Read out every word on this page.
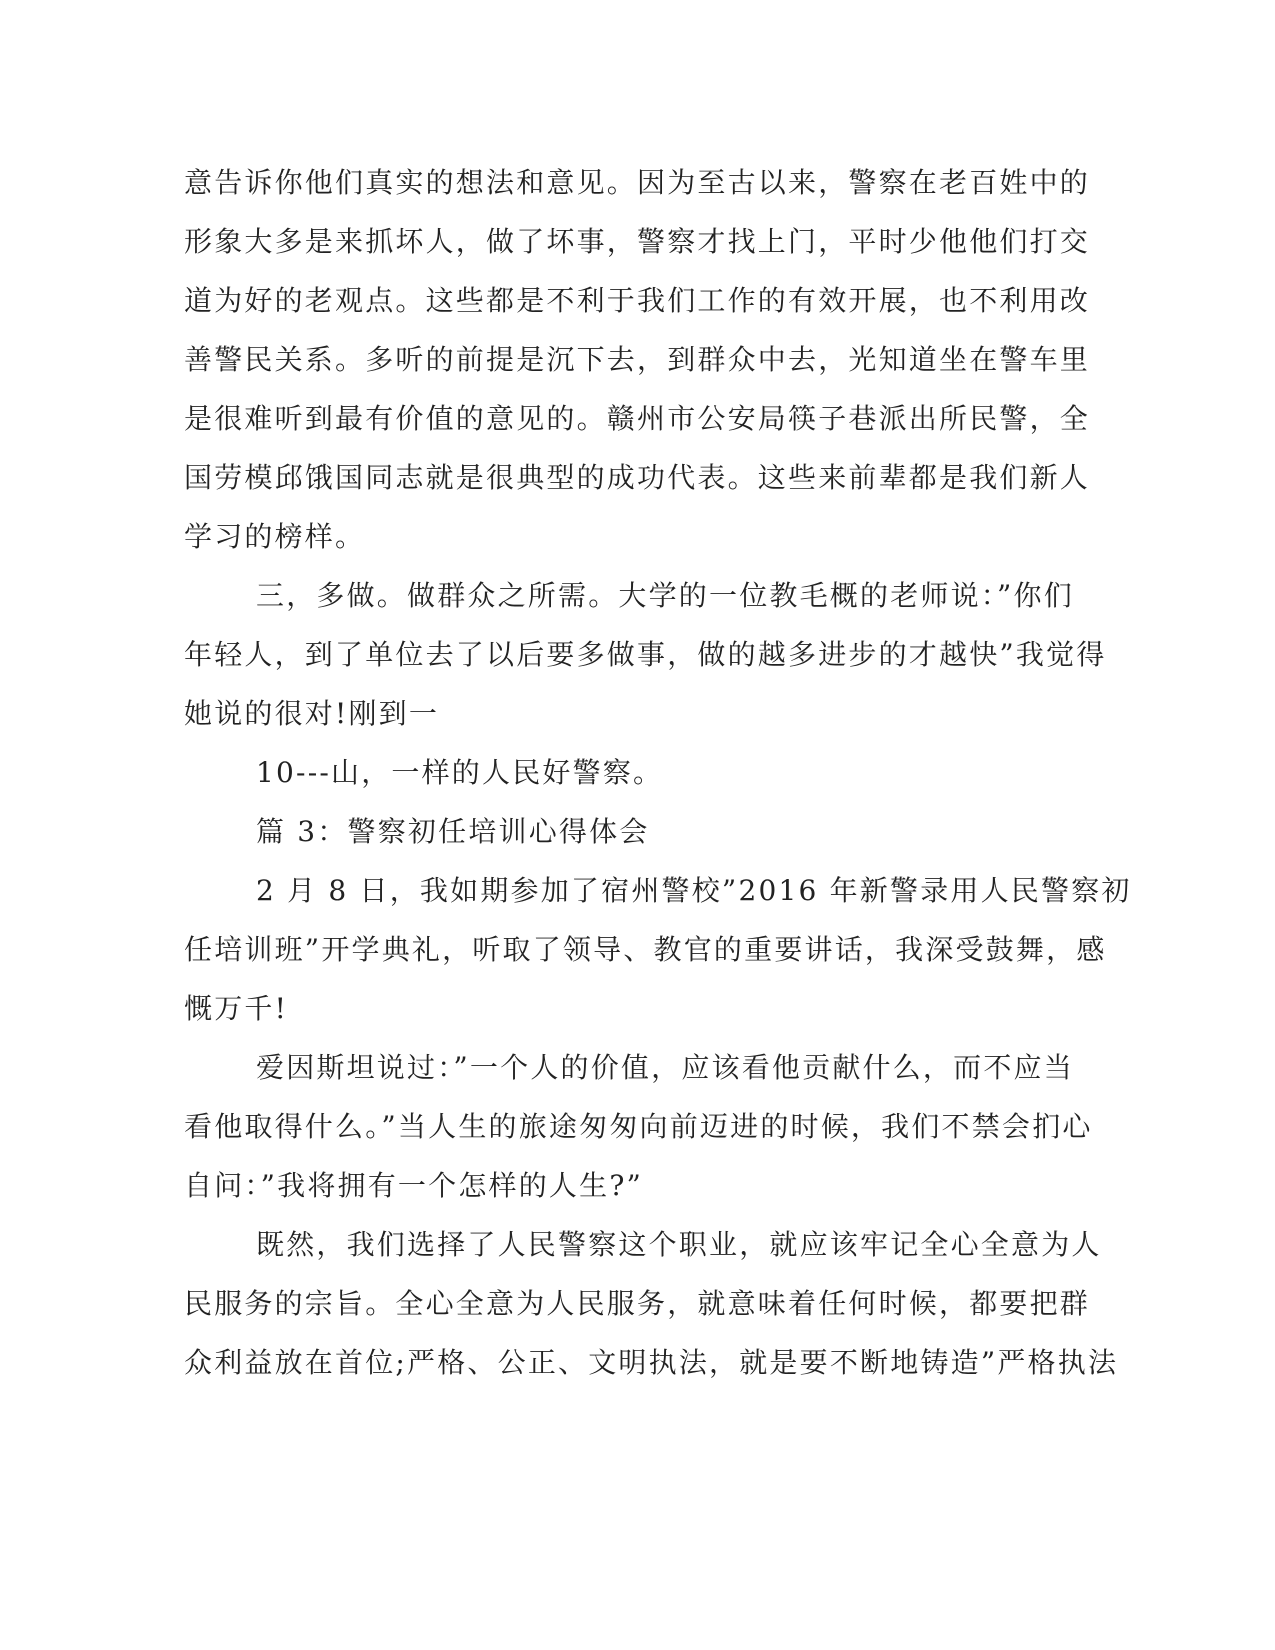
意告诉你他们真实的想法和意见。因为至古以来，警察在老百姓中的
形象大多是来抓坏人，做了坏事，警察才找上门，平时少他他们打交
道为好的老观点。这些都是不利于我们工作的有效开展，也不利用改
善警民关系。多听的前提是沉下去，到群众中去，光知道坐在警车里
是很难听到最有价值的意见的。赣州市公安局筷子巷派出所民警，全
国劳模邱饿国同志就是很典型的成功代表。这些来前辈都是我们新人
学习的榜样。
三，多做。做群众之所需。大学的一位教毛概的老师说：”你们
年轻人，到了单位去了以后要多做事，做的越多进步的才越快”我觉得
她说的很对!刚到一
10---山，一样的人民好警察。
篇 3：警察初任培训心得体会
2 月 8 日，我如期参加了宿州警校”2016 年新警录用人民警察初
任培训班”开学典礼，听取了领导、教官的重要讲话，我深受鼓舞，感
慨万千!
爱因斯坦说过：”一个人的价值，应该看他贡献什么，而不应当
看他取得什么。”当人生的旅途匆匆向前迈进的时候，我们不禁会扪心
自问：”我将拥有一个怎样的人生?”
既然，我们选择了人民警察这个职业，就应该牢记全心全意为人
民服务的宗旨。全心全意为人民服务，就意味着任何时候，都要把群
众利益放在首位;严格、公正、文明执法，就是要不断地铸造”严格执法
